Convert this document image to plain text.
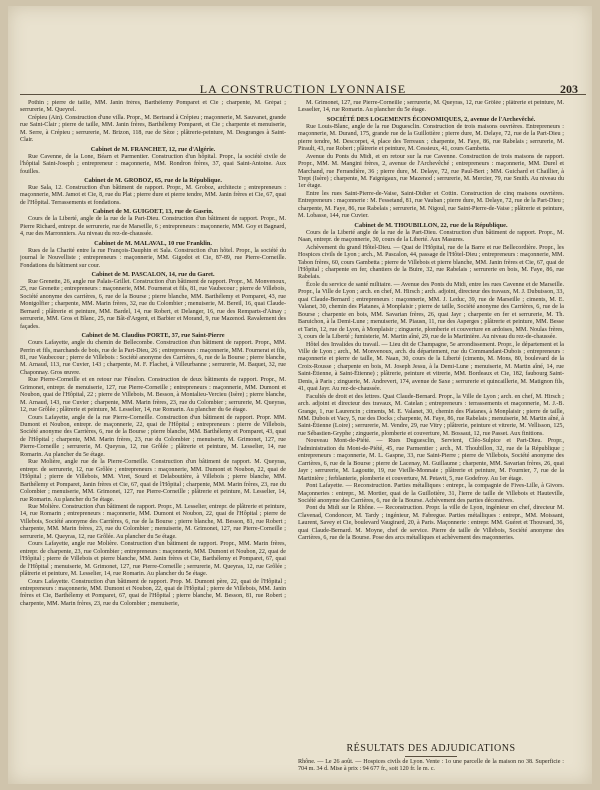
LA CONSTRUCTION LYONNAISE	203
Pothin ; pierre de taille, MM. Janin frères, Barthélemy Pomparet et Cie ; charpente, M. Grépat ; serrurerie, M. Queyrel.
Crépieu (Ain). Construction d'une villa. Propr., M. Bertrand à Crépieu ; maçonnerie, M. Sauvanet, grande rue Saint-Clair ; pierre de taille, MM. Janin frères, Barthélemy Pomparet, et Cie ; charpente et menuiserie, M. Serre, à Crépieu ; serrurerie, M. Brizon, 118, rue de Sèze ; plâtrerie-peinture, M. Desgranges à Saint-Clair.
Cabinet de M. FRANCHET, 12, rue d'Algérie.
Rue Cavenne, de la Lone, Béarn et Parmentier. Construction d'un hôpital. Propr., la société civile de l'hôpital Saint-Joseph ; entrepreneur : maçonnerie, MM. Rondron frères, 37, quai Saint-Antoine. Aux fouilles.
Cabinet de M. GROBOZ, 65, rue de la République.
Rue Sala, 12. Construction d'un bâtiment de rapport. Propr., M. Groboz, architecte ; entrepreneurs : maçonnerie, MM. Jamot et Cie, 8, rue du Plat ; pierre dure et pierre tendre, MM. Janin frères et Cie, 67, quai de l'Hôpital. Terrassements et fondations.
Cabinet de M. GUIGOET, 13, rue de Gasrin.
Cours de la Liberté, angle de la rue de la Part-Dieu. Construction d'un bâtiment de rapport. Propr., M. Pierre Richard, entrepr. de serrurerie, rue de Marseille, 6 ; entrepreneurs : maçonnerie, MM. Goy et Bagnard, 4, rue des Marronniers. Au niveau du rez-de-chaussée.
Cabinet de M. MALAVAL, 10 rue Franklin.
Rues de la Charité entre la rue François-Dauphin et Sala. Construction d'un hôtel. Propr., la société du journal le Nouvelliste ; entrepreneurs : maçonnerie, MM. Gigodot et Cie, 87-89, rue Pierre-Corneille. Fondations du bâtiment sur cour.
Cabinet de M. PASCALON, 14, rue du Garet.
Rue Grenette, 26, angle rue Palais-Grillet. Construction d'un bâtiment de rapport. Propr., M. Monvenoux, 25, rue Grenette ; entrepreneurs : maçonnerie, MM. Fournerat et fils, 81, rue Vaubecour ; pierre de Villebois, Société anonyme des carrières, 6, rue de la Bourse ; pierre blanche, MM. Barthélemy et Pomparet, 43, rue Montgolfier ; charpente, MM. Marin frères, 32, rue du Colombier ; menuiserie, M. Bereil, 16, quai Claude-Bernard ; plâtrerie et peinture, MM. Bardel, 14, rue Robert, et Delanger, 16, rue des Remparts-d'Ainay ; serrurerie, MM. Gros et Blanc, 25, rue Bât-d'Argent, et Barbier et Morand, 9, rue Mazenod. Ravalement des façades.
Cabinet de M. Claudius PORTE, 37, rue Saint-Pierre
Cours Lafayette, angle du chemin de Bellecombe. Construction d'un bâtiment de rapport. Propr., MM. Perrin et fils, marchands de bois, rue de la Part-Dieu, 26 ; entrepreneurs : maçonnerie, MM. Fournerat et fils, 81, rue Vaubecour ; pierre de Villebois : Société anonyme des Carrières, 6, rue de la Bourse ; pierre blanche, M. Arnaud, 113, rue Cuvier, 143 ; charpente, M. F. Flachet, à Villeurbanne ; serrurerie, M. Baquet, 32, rue Chaponnay. Gros œuvre.
Rue Pierre-Corneille et en retour rue Fénelon. Construction de deux bâtiments de rapport. Propr., M. Grimonet, entrepr. de menuiserie, 127, rue Pierre-Corneille ; entrepreneurs : maçonnerie, MM. Dumont et Noubon, quai de l'Hôpital, 22 ; pierre de Villebois, M. Besson, à Montalieu-Vercieu (Isère) ; pierre blanche, M. Arnaud, 143, rue Cuvier ; charpente, MM. Marin frères, 23, rue du Colombier ; serrurerie, M. Queyras, 12, rue Grôlée ; plâtrerie et peinture, M. Lesselier, 14, rue Romarin. Au plancher du 6e étage.
Cours Lafayette, angle de la rue Pierre-Corneille. Construction d'un bâtiment de rapport. Propr. MM. Dumont et Noubon, entrepr. de maçonnerie, 22, quai de l'Hôpital ; entrepreneurs : pierre de Villebois, Société anonyme des Carrières, 6, rue de la Bourse ; pierre blanche, MM. Barthélemy et Pomparet, 43, quai de l'Hôpital ; charpente, MM. Marin frères, 23, rue du Colombier ; menuiserie, M. Grimonet, 127, rue Pierre-Corneille ; serrurerie, M. Queyras, 12, rue Grôlée ; plâtrerie et peinture, M. Lesselier, 14, rue Romarin. Au plancher du 5e étage.
Rue Molière, angle rue de la Pierre-Corneille. Construction d'un bâtiment de rapport. M. Queyras, entrepr. de serrurerie, 12, rue Grôlée ; entrepreneurs : maçonnerie, MM. Dumont et Noubon, 22, quai de l'Hôpital ; pierre de Villebois, MM. Viret, Sourd et Delaboutière, à Villebois ; pierre blanche, MM. Barthélemy et Pomparet, Janin frères et Cie, 67, quai de l'Hôpital ; charpente, MM. Marin frères, 23, rue du Colombier ; menuiserie, MM. Grimonet, 127, rue Pierre-Corneille ; plâtrerie et peinture, M. Lesselier, 14, rue Romarin. Au plancher du 5e étage.
Rue Molière. Construction d'un bâtiment de rapport. Propr., M. Lesselier, entrepr. de plâtrerie et peinture, 14, rue Romarin ; entrepreneurs : maçonnerie, MM. Dumont et Noubon, 22, quai de l'Hôpital ; pierre de Villebois, Société anonyme des Carrières, 6, rue de la Bourse ; pierre blanche, M. Besson, 81, rue Robert ; charpente, MM. Marin frères, 23, rue du Colombier ; menuiserie, M. Grimonet, 127, rue Pierre-Corneille ; serrurerie, M. Queyras, 12, rue Grôlée. Au plancher du 5e étage.
Cours Lafayette, angle rue Molière. Construction d'un bâtiment de rapport. Propr., MM. Marin frères, entrepr. de charpente, 23, rue Colombier ; entrepreneurs : maçonnerie, MM. Dumont et Noubon, 22, quai de l'Hôpital ; pierre de Villebois et pierre blanche, MM. Janin frères et Cie, Barthélemy et Pomparet, 67, quai de l'Hôpital ; menuiserie, M. Grimonet, 127, rue Pierre-Corneille ; serrurerie, M. Queyras, 12, rue Grôlée ; plâtrerie et peinture, M. Lesselier, 14, rue Romarin. Au plancher du 5e étage.
Cours Lafayette. Construction d'un bâtiment de rapport. Prop. M. Dumont père, 22, quai de l'Hôpital ; entrepreneurs : maçonnerie, MM. Dumont et Noubon, 22, quai de l'Hôpital ; pierre de Villebois, MM. Janin frères et Cie, Barthélemy et Pomparet, 67, quai de l'Hôpital ; pierre blanche, M. Besson, 81, rue Robert ; charpente, MM. Marin frères, 23, rue du Colombier ; menuiserie,
M. Grimonet, 127, rue Pierre-Corneille ; serrurerie, M. Queyras, 12, rue Grôlée ; plâtrerie et peinture, M. Lesselier, 14, rue Romarin. Au plancher du 5e étage.
SOCIÉTÉ DES LOGEMENTS ÉCONOMIQUES, 2, avenue de l'Archevêché.
Rue Louis-Blanc, angle de la rue Duguesclin. Construction de trois maisons ouvrières. Entrepreneurs : maçonnerie, M. Durand, 175, grande rue de la Guillotière ; pierre dure, M. Delaye, 72, rue de la Part-Dieu ; pierre tendre, M. Descorpet, 4, place des Terreaux ; charpente, M. Faye, 86, rue Rabelais ; serrurerie, M. Pirault, 43, rue Robert ; plâtrerie et peinture, M. Cessieux, 41, cours Gambetta.
Avenue du Ponts du Midi, et en retour sur la rue Cavenne. Construction de trois maisons de rapport. Propr., MM. M. Mangini frères, 2, avenue de l'Archevêché ; entrepreneurs : maçonnerie, MM. Durel et Marchand, rue Ferrandière, 36 ; pierre dure, M. Delaye, 72, rue Paul-Bert ; MM. Guichard et Chaillier, à Trept (Isère) ; charpente, M. Faignigaux, rue Mazenod ; serrurerie, M. Mercier, 79, rue Smith. Au niveau du 1er étage.
Entre les rues Saint-Pierre-de-Vaise, Saint-Didier et Cottin. Construction de cinq maisons ouvrières. Entrepreneurs : maçonnerie : M. Fessetand, 81, rue Vauban ; pierre dure, M. Delaye, 72, rue de la Part-Dieu ; charpente, M. Faye, 86, rue Rabelais ; serrurerie, M. Nigoul, rue Saint-Pierre-de-Vaise ; plâtrerie et peinture, M. Lobasse, 144, rue Cuvier.
Cabinet de M. THOUBILLON, 22, rue de la République.
Cours de la Liberté angle de la rue de la Part-Dieu. Construction d'un bâtiment de rapport. Propr., M. Naan, entrepr. de maçonnerie, 30, cours de la Liberté. Aux Masures.
Achèvement du grand Hôtel-Dieu. — Quai de l'Hôpital, rue de la Barre et rue Bellecordière. Propr., les Hospices civils de Lyon ; arch., M. Pascalon, 44, passage de l'Hôtel-Dieu ; entrepreneurs : maçonnerie, MM. Tabon frères, 60, cours Gambetta ; pierre de Villebois et pierre blanche, MM. Janin frères et Cie, 67, quai de l'Hôpital ; charpente en fer, chantiers de la Buire, 32, rue Rabelais ; serrurerie en bois, M. Faye, 86, rue Rabelais.
École du service de santé militaire. — Avenue des Ponts du Midi, entre les rues Cavenne et de Marseille. Propr., la Ville de Lyon ; arch. en chef, M. Hirsch ; arch. adjoint, directeur des travaux, M. J. Dubuisson, 33, quai Claude-Bernard ; entrepreneurs : maçonnerie, MM. J. Leduc, 39, rue de Marseille ; ciments, M. E. Valanet, 30, chemin des Platanes, à Monplaisir ; pierre de taille, Société anonyme des Carrières, 6, rue de la Bourse ; charpente en bois, MM. Savarian frères, 26, quai Jayr ; charpente en fer et serrurerie, M. Th. Baruichon, à la Demi-Lune ; menuiserie, M. Piausn, 11, rue des Asperges ; plâtrerie et peinture, MM. Besse et Tarin, 12, rue de Lyon, à Monplaisir ; zinguerie, plomberie et couverture en ardoises, MM. Noulas frères, 3, cours de la Liberté ; fumisterie, M. Martin aîné, 29, rue de la Martinière. Au niveau du rez-de-chaussée.
Hôtel des Invalides du travail. — Lieu dit de Champagne, 5e arrondissement. Propr., le département et la Ville de Lyon ; arch., M. Monvenoux, arch. du département, rue du Commandant-Dubois ; entrepreneurs : maçonnerie et pierre de taille, M. Naan, 30, cours de la Liberté (ciments, M. Mons, 80, boulevard de la Croix-Rousse ; charpente en bois, M. Joseph Jessu, à la Demi-Lune ; menuiserie, M. Martin aîné, 14, rue Saint-Étienne, à Saint-Étienne) ; plâtrerie, peinture et vitrerie, MM. Bordeaux et Cie, 182, faubourg Saint-Denis, à Paris ; zinguerie, M. Andrevert, 174, avenue de Saxe ; serrurerie et quincaillerie, M. Matignon fils, 41, quai Jayr. Au rez-de-chaussée.
Facultés de droit et des lettres. Quai Claude-Bernard. Propr., la Ville de Lyon ; arch. en chef, M. Hirsch ; arch. adjoint et directeur des travaux, M. Catelan ; entrepreneurs : terrassements et maçonnerie, M. J.-B. Grange, 1, rue Laurencin ; ciments, M. E. Valanet, 30, chemin des Platanes, à Monplaisir ; pierre de taille, MM. Dubois et Vacy, 5, rue des Docks ; charpente, M. Faye, 86, rue Rabelais ; menuiserie, M. Martin aîné, à Saint-Étienne (Loire) ; serrurerie, M. Vendre, 29, rue Vitry ; plâtrerie, peinture et vitrerie, M. Vellisson, 125, rue Sébastien-Gryphe ; zinguerie, plomberie et couverture, M. Bossaut, 12, rue Passet. Aux finitions.
Nouveau Mont-de-Piété. — Rues Duguesclin, Servient, Cléo-Sulpice et Part-Dieu. Propr., l'administration du Mont-de-Piété, 45, rue Parmentier ; arch., M. Thoubillon, 32, rue de la République ; entrepreneurs : maçonnerie, M. L. Gaspne, 33, rue Saint-Pierre ; pierre de Villebois, Société anonyme des Carrières, 6, rue de la Bourse ; pierre de Lacenay, M. Guillaume ; charpente, MM. Savarian frères, 26, quai Jayr ; serrurerie, M. Lagoutte, 19, rue Vieille-Monnaie ; plâtrerie et peinture, M. Fournier, 7, rue de la Martinière ; ferblanterie, plomberie et couverture, M. Petavit, 5, rue Godefroy. Au 1er étage.
Pont Lafayette. — Reconstruction. Parties métalliques : entrepr., la compagnie de Fives-Lille, à Givors. Maçonneries : entrepr., M. Mortier, quai de la Guillotière, 31, l'ierre de taille de Villebois et Hauteville, Société anonyme des Carrières, 6, rue de la Bourse. Achèvement des parties décoratives.
Pont du Midi sur le Rhône. — Reconstruction. Propr. la ville de Lyon, ingénieur en chef, directeur M. Clavenad, Condoncer, M. Tardy ; ingénieur, M. Fabregue. Parties métalliques : entrepr., MM. Moissant, Laurent, Savey et Cie, boulevard Vaugirard, 20, à Paris. Maçonnerie : entrepr. MM. Guéret et Thouvard, 36, quai Claude-Bernard. M. Moyne, chef de service. Pierre de taille de Villebois, Société anonyme des Carrières, 6, rue de la Bourse. Pose des arcs métalliques et achèvement des maçonneries.
RÉSULTATS DES ADJUDICATIONS
Rhône. — Le 26 août. — Hospices civils de Lyon. Vente : 1o une parcelle de la maison no 38. Superficie : 704 m. 34 d. Mise à prix : 94 677 fr., soit 120 fr. le m. c.
